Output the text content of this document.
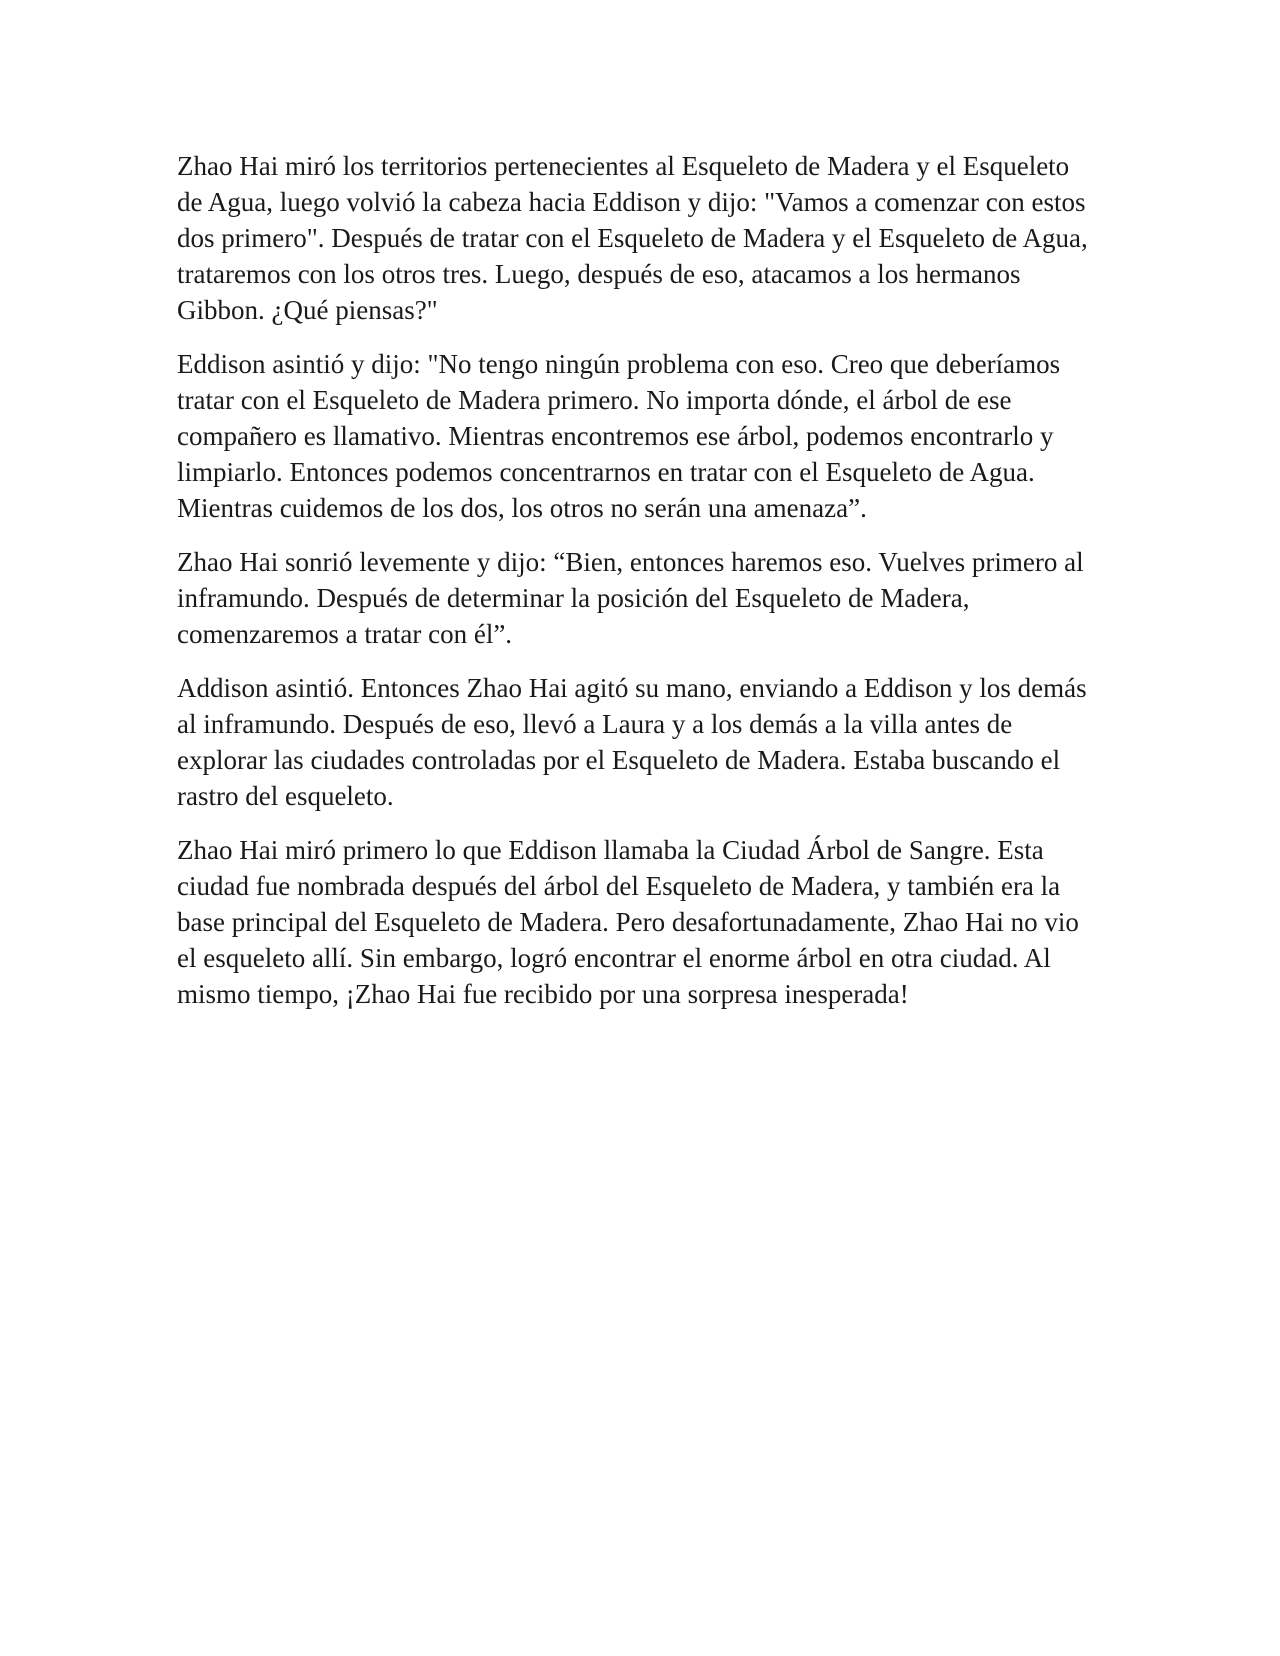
Zhao Hai miró los territorios pertenecientes al Esqueleto de Madera y el Esqueleto de Agua, luego volvió la cabeza hacia Eddison y dijo: "Vamos a comenzar con estos dos primero". Después de tratar con el Esqueleto de Madera y el Esqueleto de Agua, trataremos con los otros tres. Luego, después de eso, atacamos a los hermanos Gibbon. ¿Qué piensas?"

Eddison asintió y dijo: "No tengo ningún problema con eso. Creo que deberíamos tratar con el Esqueleto de Madera primero. No importa dónde, el árbol de ese compañero es llamativo. Mientras encontremos ese árbol, podemos encontrarlo y limpiarlo. Entonces podemos concentrarnos en tratar con el Esqueleto de Agua. Mientras cuidemos de los dos, los otros no serán una amenaza”.

Zhao Hai sonrió levemente y dijo: “Bien, entonces haremos eso. Vuelves primero al inframundo. Después de determinar la posición del Esqueleto de Madera, comenzaremos a tratar con él”.

Addison asintió. Entonces Zhao Hai agitó su mano, enviando a Eddison y los demás al inframundo. Después de eso, llevó a Laura y a los demás a la villa antes de explorar las ciudades controladas por el Esqueleto de Madera. Estaba buscando el rastro del esqueleto.

Zhao Hai miró primero lo que Eddison llamaba la Ciudad Árbol de Sangre. Esta ciudad fue nombrada después del árbol del Esqueleto de Madera, y también era la base principal del Esqueleto de Madera. Pero desafortunadamente, Zhao Hai no vio el esqueleto allí. Sin embargo, logró encontrar el enorme árbol en otra ciudad. Al mismo tiempo, ¡Zhao Hai fue recibido por una sorpresa inesperada!
